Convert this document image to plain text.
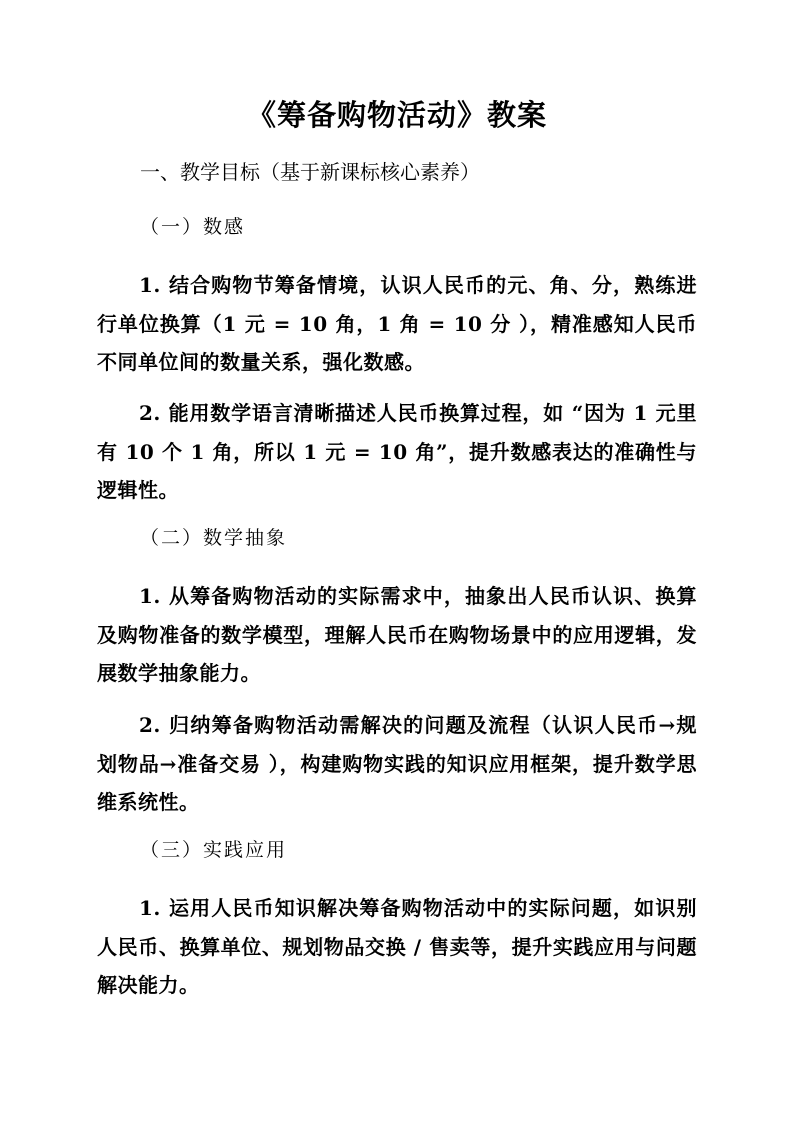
《筹备购物活动》教案
一、教学目标（基于新课标核心素养）
（一）数感

1. 结合购物节筹备情境，认识人民币的元、角、分，熟练进行单位换算（1 元 = 10 角，1 角 = 10 分 ），精准感知人民币不同单位间的数量关系，强化数感。

2. 能用数学语言清晰描述人民币换算过程，如 “因为 1 元里有 10 个 1 角，所以 1 元 = 10 角”，提升数感表达的准确性与逻辑性。

（二）数学抽象

1. 从筹备购物活动的实际需求中，抽象出人民币认识、换算及购物准备的数学模型，理解人民币在购物场景中的应用逻辑，发展数学抽象能力。

2. 归纳筹备购物活动需解决的问题及流程（认识人民币→规划物品→准备交易 ），构建购物实践的知识应用框架，提升数学思维系统性。

（三）实践应用

1. 运用人民币知识解决筹备购物活动中的实际问题，如识别人民币、换算单位、规划物品交换 / 售卖等，提升实践应用与问题解决能力。
